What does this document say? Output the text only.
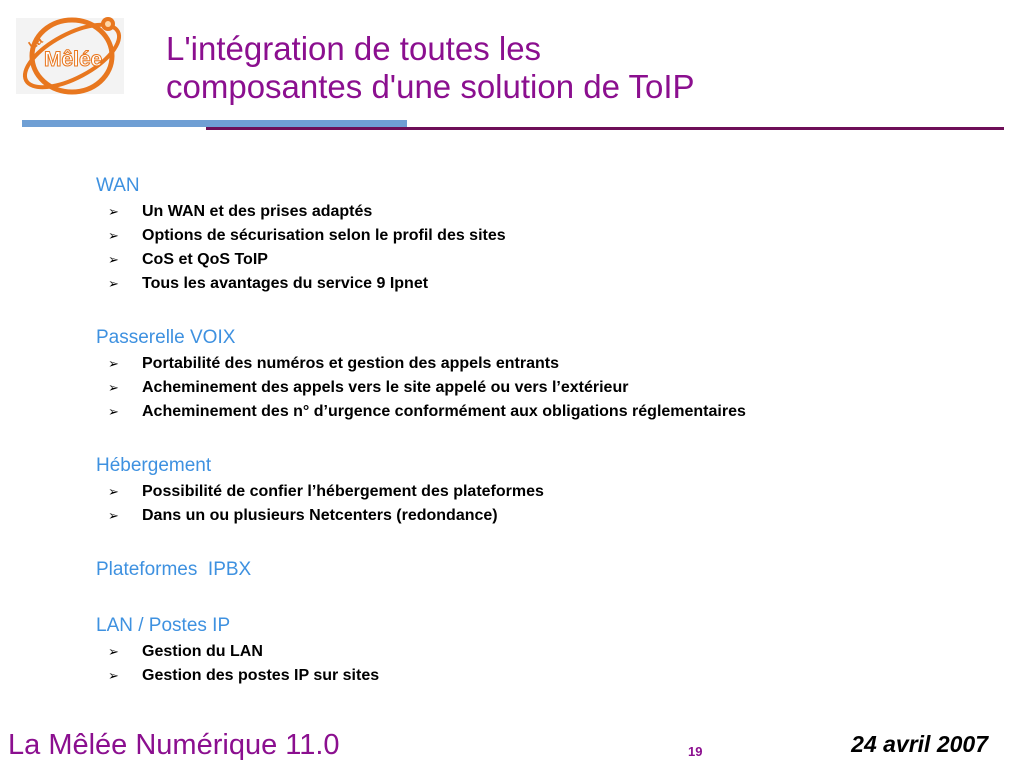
La
Mêlée L'intégration de toutes les
composantes d'une solution de ToIP

WAN

➢	Un WAN et des prises adaptés
➢	Options de sécurisation selon le profil des sites
➢	CoS et QoS ToIP
➢	Tous les avantages du service 9 Ipnet

Passerelle VOIX

➢	Portabilité des numéros et gestion des appels entrants
➢	Acheminement des appels vers le site appelé ou vers l’extérieur
➢	Acheminement des n° d’urgence conformément aux obligations réglementaires

Hébergement

➢	Possibilité de confier l’hébergement des plateformes
➢	Dans un ou plusieurs Netcenters (redondance)

Plateformes  IPBX

LAN / Postes IP

➢	Gestion du LAN
➢	Gestion des postes IP sur sites
La Mêlée Numérique 11.0	19	24 avril 2007
